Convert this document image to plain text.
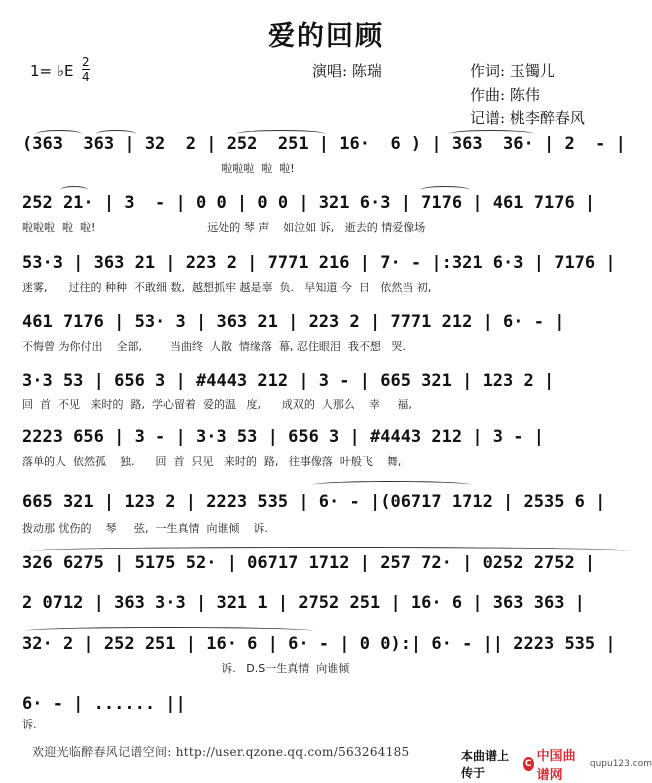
爱的回顾
1= ♭E 2
4	演唱: 陈瑞	作词: 玉镯儿
作曲: 陈伟
记谱: 桃李醉春风
(363  363 | 32  2 | 252  251 | 16·  6 ) | 363  36· | 2  - |
啦啦啦  啦  啦!
252 21· | 3  - | 0 0 | 0 0 | 321 6·3 | 7176 | 461 7176 |
啦啦啦  啦  啦!                                远处的 琴 声    如泣如 诉,   逝去的 情爱像场
53·3 | 363 21 | 223 2 | 7771 216 | 7· - |:321 6·3 | 7176 |
迷雾,      过往的 种种  不敢细 数,  越想抓牢 越是辜  负.   早知道 今  日   依然当 初,
461 7176 | 53· 3 | 363 21 | 223 2 | 7771 212 | 6· - |
不悔曾 为你付出    全部,        当曲终  人散  情缘落  幕, 忍住眼泪  我不想   哭.
3·3 53 | 656 3 | #4443 212 | 3 - | 665 321 | 123 2 |
回  首  不见   来时的  路,  学心留着  爱的温   度,      成双的  人那么    幸     福,
2223 656 | 3 - | 3·3 53 | 656 3 | #4443 212 | 3 - |
落单的人  依然孤    独.      回  首  只见   来时的  路,   往事像落  叶般飞    舞,
665 321 | 123 2 | 2223 535 | 6· - |(06717 1712 | 2535 6 |
拨动那 忧伤的    琴     弦,  一生真情  向谁倾    诉.
326 6275 | 5175 52· | 06717 1712 | 257 72· | 0252 2752 |
2 0712 | 363 3·3 | 321 1 | 2752 251 | 16· 6 | 363 363 |
32· 2 | 252 251 | 16· 6 | 6· - | 0 0):| 6· - || 2223 535 |
诉.   D.S一生真情  向谁倾
6· - | ...... ||
诉.
欢迎光临醉春风记谱空间: http://user.qzone.qq.com/563264185	本曲谱上传于
C 中国曲谱网
qupu123.com
